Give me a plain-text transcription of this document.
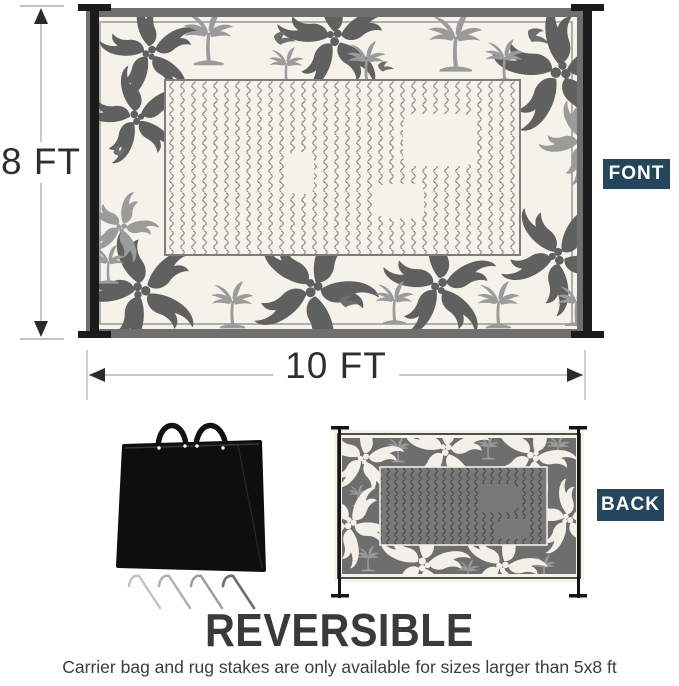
8 FT
10 FT
FONT
BACK
REVERSIBLE
Carrier bag and rug stakes are only available for sizes larger than 5x8 ft
